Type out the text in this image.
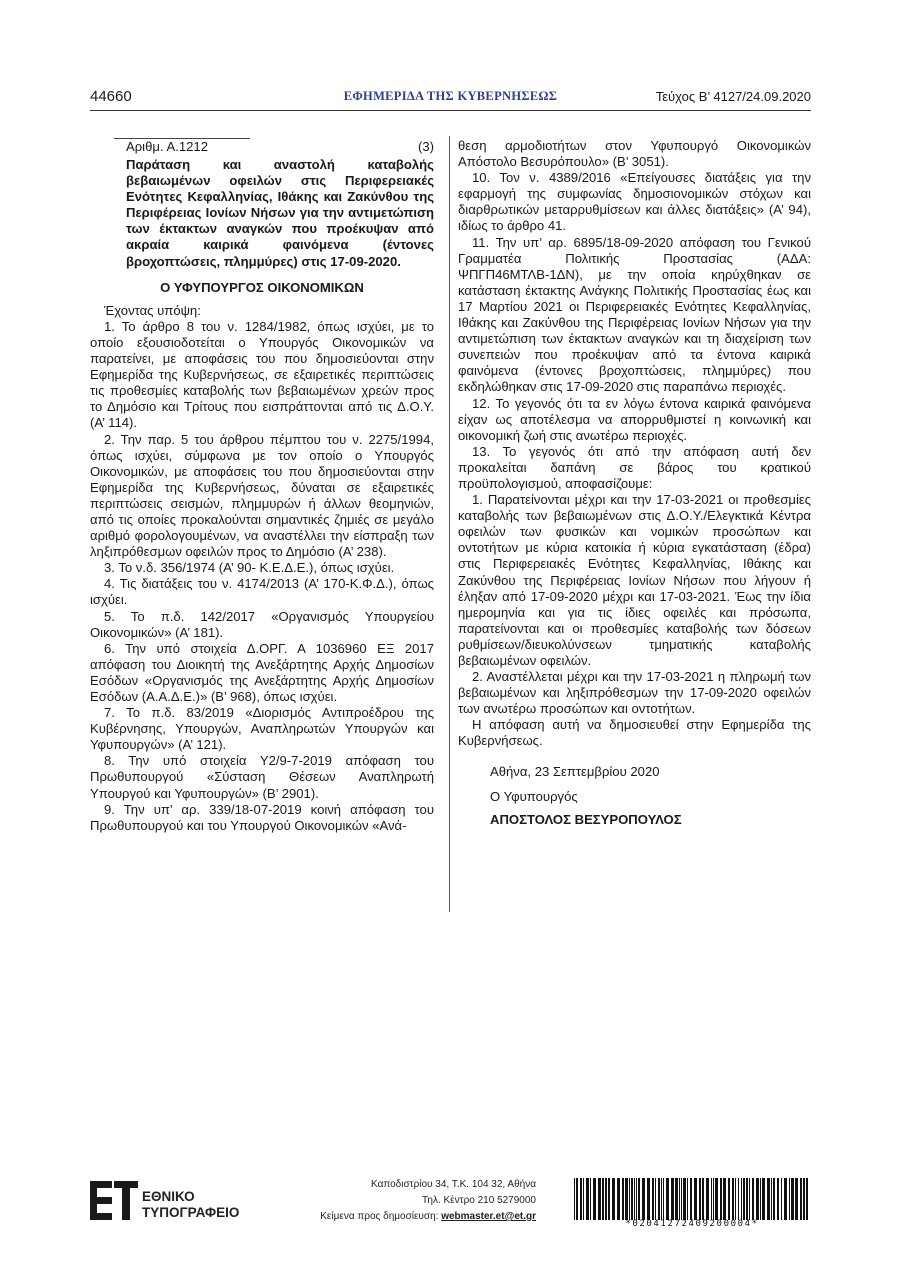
44660	ΕΦΗΜΕΡΙΔΑ ΤΗΣ ΚΥΒΕΡΝΗΣΕΩΣ	Τεύχος Β’ 4127/24.09.2020
Αριθμ. Α.1212	(3)

Παράταση και αναστολή καταβολής βεβαιωμένων οφειλών στις Περιφερειακές Ενότητες Κεφαλληνίας, Ιθάκης και Ζακύνθου της Περιφέρειας Ιονίων Νήσων για την αντιμετώπιση των έκτακτων αναγκών που προέκυψαν από ακραία καιρικά φαινόμενα (έντονες βροχοπτώσεις, πλημμύρες) στις 17-09-2020.

Ο ΥΦΥΠΟΥΡΓΟΣ ΟΙΚΟΝΟΜΙΚΩΝ

Έχοντας υπόψη:

1. Το άρθρο 8 του ν. 1284/1982, όπως ισχύει, με το οποίο εξουσιοδοτείται ο Υπουργός Οικονομικών να παρατείνει, με αποφάσεις του που δημοσιεύονται στην Εφημερίδα της Κυβερνήσεως, σε εξαιρετικές περιπτώσεις τις προθεσμίες καταβολής των βεβαιωμένων χρεών προς το Δημόσιο και Τρίτους που εισπράττονται από τις Δ.Ο.Υ. (Α’ 114).

2. Την παρ. 5 του άρθρου πέμπτου του ν. 2275/1994, όπως ισχύει, σύμφωνα με τον οποίο ο Υπουργός Οικονομικών, με αποφάσεις του που δημοσιεύονται στην Εφημερίδα της Κυβερνήσεως, δύναται σε εξαιρετικές περιπτώσεις σεισμών, πλημμυρών ή άλλων θεομηνιών, από τις οποίες προκαλούνται σημαντικές ζημιές σε μεγάλο αριθμό φορολογουμένων, να αναστέλλει την είσπραξη των ληξιπρόθεσμων οφειλών προς το Δημόσιο (Α’ 238).

3. Το ν.δ. 356/1974 (Α’ 90- Κ.Ε.Δ.Ε.), όπως ισχύει.

4. Τις διατάξεις του ν. 4174/2013 (Α’ 170-Κ.Φ.Δ.), όπως ισχύει.

5. Το π.δ. 142/2017 «Οργανισμός Υπουργείου Οικονομικών» (Α’ 181).

6. Την υπό στοιχεία Δ.ΟΡΓ. Α 1036960 ΕΞ 2017 απόφαση του Διοικητή της Ανεξάρτητης Αρχής Δημοσίων Εσόδων «Οργανισμός της Ανεξάρτητης Αρχής Δημοσίων Εσόδων (Α.Α.Δ.Ε.)» (Β’ 968), όπως ισχύει.

7. Το π.δ. 83/2019 «Διορισμός Αντιπροέδρου της Κυβέρνησης, Υπουργών, Αναπληρωτών Υπουργών και Υφυπουργών» (Α’ 121).

8. Την υπό στοιχεία Υ2/9-7-2019 απόφαση του Πρωθυπουργού «Σύσταση Θέσεων Αναπληρωτή Υπουργού και Υφυπουργών» (Β’ 2901).

9. Την υπ’ αρ. 339/18-07-2019 κοινή απόφαση του Πρωθυπουργού και του Υπουργού Οικονομικών «Ανά-

θεση αρμοδιοτήτων στον Υφυπουργό Οικονομικών Απόστολο Βεσυρόπουλο» (Β’ 3051).

10. Τον ν. 4389/2016 «Επείγουσες διατάξεις για την εφαρμογή της συμφωνίας δημοσιονομικών στόχων και διαρθρωτικών μεταρρυθμίσεων και άλλες διατάξεις» (Α’ 94), ιδίως το άρθρο 41.

11. Την υπ’ αρ. 6895/18-09-2020 απόφαση του Γενικού Γραμματέα Πολιτικής Προστασίας (ΑΔΑ: ΨΠΓΠ46ΜΤΛΒ-1ΔΝ), με την οποία κηρύχθηκαν σε κατάσταση έκτακτης Ανάγκης Πολιτικής Προστασίας έως και 17 Μαρτίου 2021 οι Περιφερειακές Ενότητες Κεφαλληνίας, Ιθάκης και Ζακύνθου της Περιφέρειας Ιονίων Νήσων για την αντιμετώπιση των έκτακτων αναγκών και τη διαχείριση των συνεπειών που προέκυψαν από τα έντονα καιρικά φαινόμενα (έντονες βροχοπτώσεις, πλημμύρες) που εκδηλώθηκαν στις 17-09-2020 στις παραπάνω περιοχές.

12. Το γεγονός ότι τα εν λόγω έντονα καιρικά φαινόμενα είχαν ως αποτέλεσμα να απορρυθμιστεί η κοινωνική και οικονομική ζωή στις ανωτέρω περιοχές.

13. Το γεγονός ότι από την απόφαση αυτή δεν προκαλείται δαπάνη σε βάρος του κρατικού προϋπολογισμού, αποφασίζουμε:

1. Παρατείνονται μέχρι και την 17-03-2021 οι προθεσμίες καταβολής των βεβαιωμένων στις Δ.Ο.Υ./Ελεγκτικά Κέντρα οφειλών των φυσικών και νομικών προσώπων και οντοτήτων με κύρια κατοικία ή κύρια εγκατάσταση (έδρα) στις Περιφερειακές Ενότητες Κεφαλληνίας, Ιθάκης και Ζακύνθου της Περιφέρειας Ιονίων Νήσων που λήγουν ή έληξαν από 17-09-2020 μέχρι και 17-03-2021. Έως την ίδια ημερομηνία και για τις ίδιες οφειλές και πρόσωπα, παρατείνονται και οι προθεσμίες καταβολής των δόσεων ρυθμίσεων/διευκολύνσεων τμηματικής καταβολής βεβαιωμένων οφειλών.

2. Αναστέλλεται μέχρι και την 17-03-2021 η πληρωμή των βεβαιωμένων και ληξιπρόθεσμων την 17-09-2020 οφειλών των ανωτέρω προσώπων και οντοτήτων.

Η απόφαση αυτή να δημοσιευθεί στην Εφημερίδα της Κυβερνήσεως.

Αθήνα, 23 Σεπτεμβρίου 2020
Ο Υφυπουργός
ΑΠΟΣΤΟΛΟΣ ΒΕΣΥΡΟΠΟΥΛΟΣ
ΕΘΝΙΚΟ
ΤΥΠΟΓΡΑΦΕΙΟ
Καποδιστρίου 34, Τ.Κ. 104 32, Αθήνα
Τηλ. Κέντρο 210 5279000
Κείμενα προς δημοσίευση: webmaster.et@et.gr
*02041272409200004*
